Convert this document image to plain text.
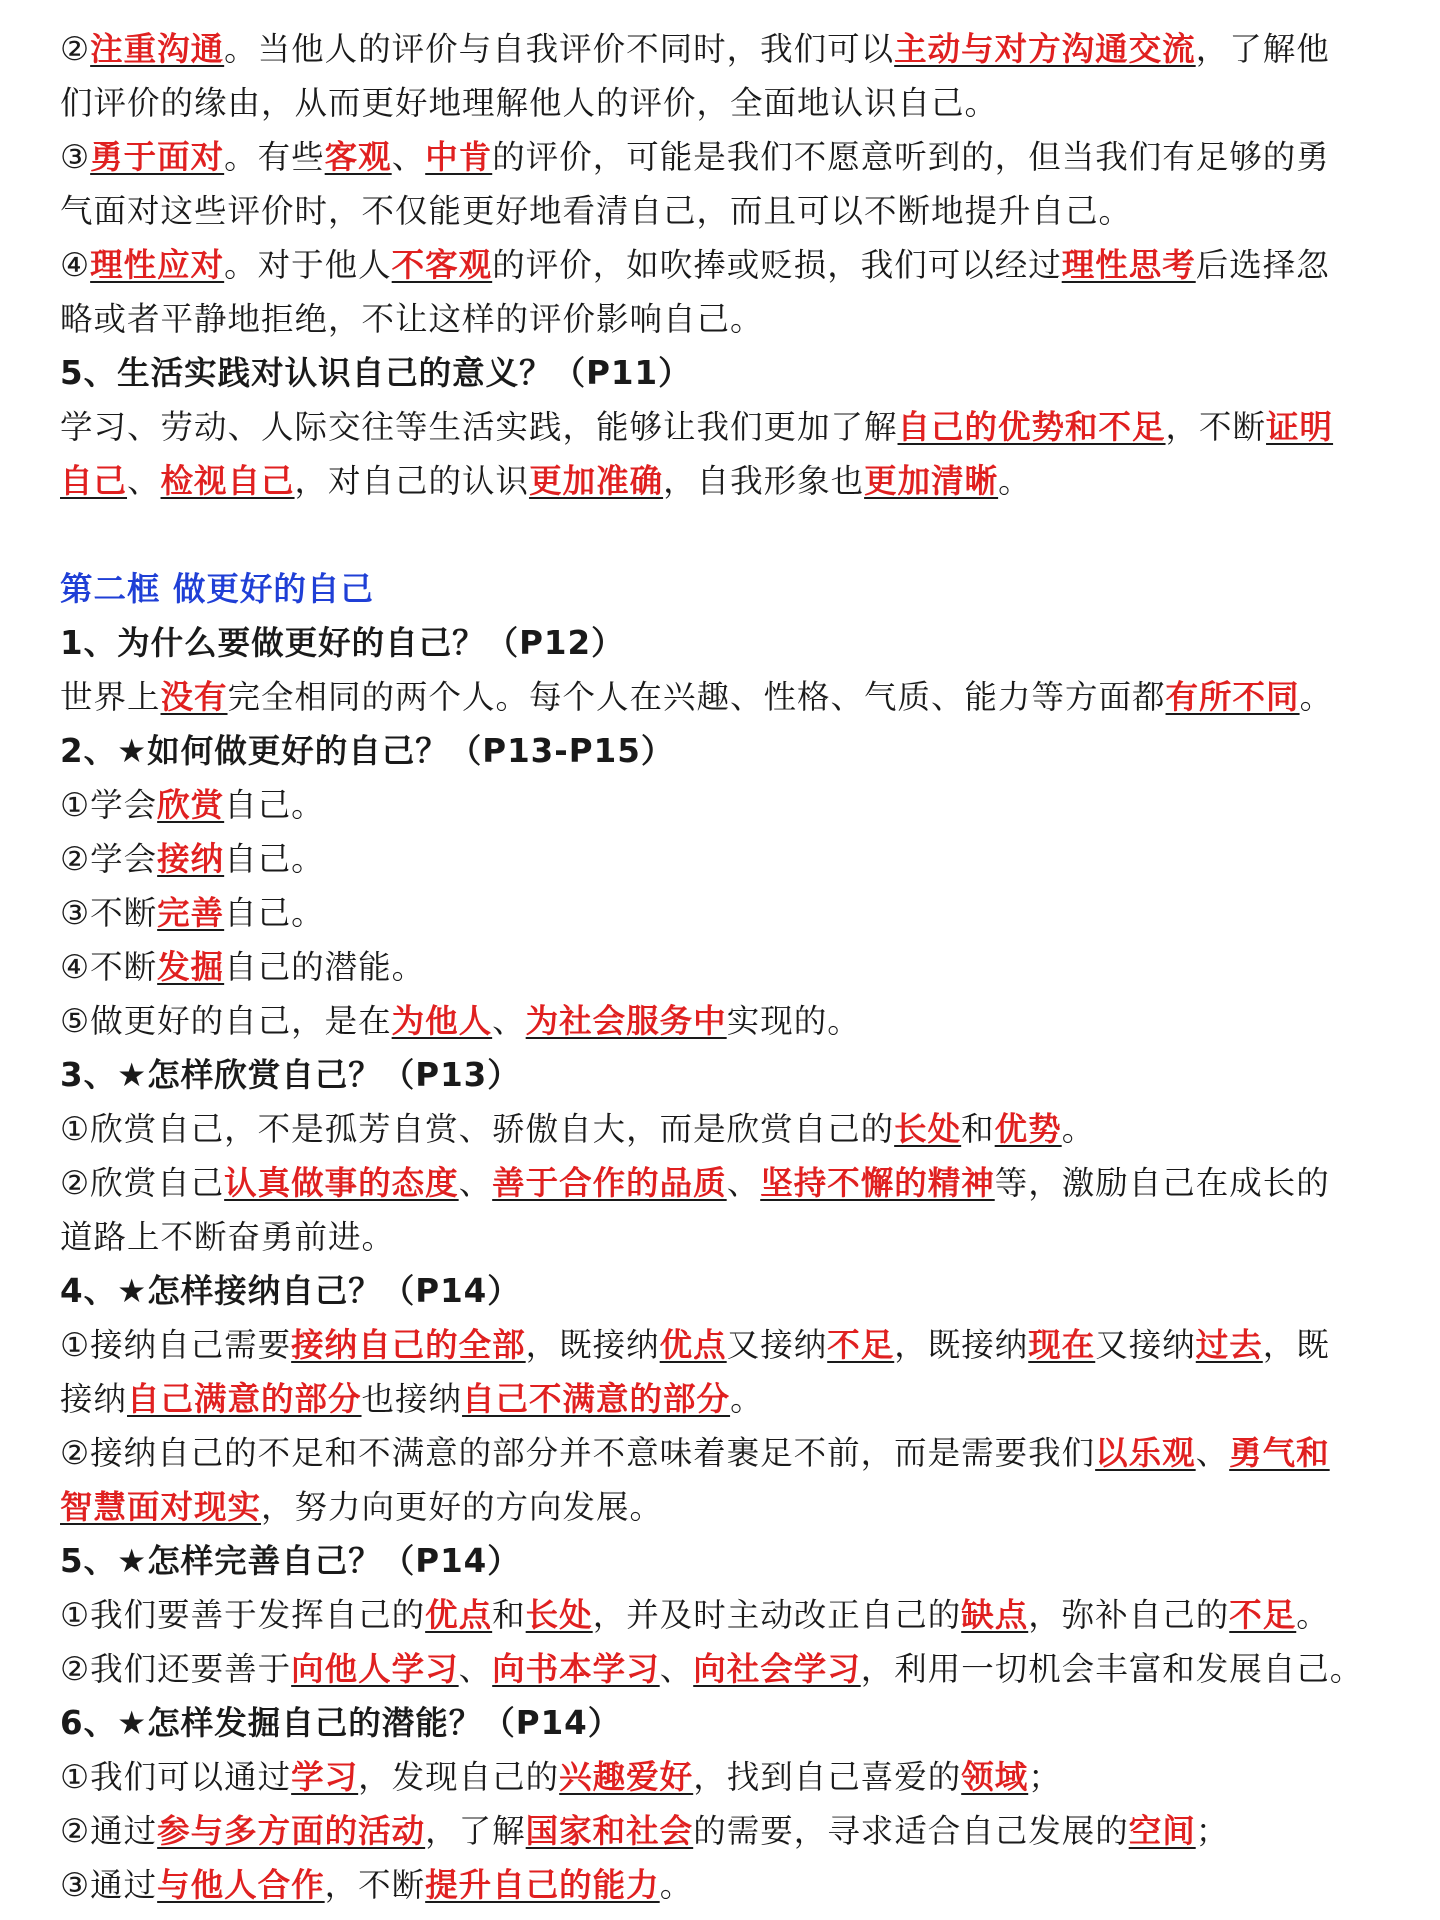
②注重沟通。当他人的评价与自我评价不同时，我们可以主动与对方沟通交流，了解他
们评价的缘由，从而更好地理解他人的评价，全面地认识自己。
③勇于面对。有些客观、中肯的评价，可能是我们不愿意听到的，但当我们有足够的勇
气面对这些评价时，不仅能更好地看清自己，而且可以不断地提升自己。
④理性应对。对于他人不客观的评价，如吹捧或贬损，我们可以经过理性思考后选择忽
略或者平静地拒绝，不让这样的评价影响自己。
5、生活实践对认识自己的意义？（P11）
学习、劳动、人际交往等生活实践，能够让我们更加了解自己的优势和不足，不断证明
自己、检视自己，对自己的认识更加准确，自我形象也更加清晰。
第二框 做更好的自己
1、为什么要做更好的自己？（P12）
世界上没有完全相同的两个人。每个人在兴趣、性格、气质、能力等方面都有所不同。
2、★如何做更好的自己？（P13-P15）
①学会欣赏自己。
②学会接纳自己。
③不断完善自己。
④不断发掘自己的潜能。
⑤做更好的自己，是在为他人、为社会服务中实现的。
3、★怎样欣赏自己？（P13）
①欣赏自己，不是孤芳自赏、骄傲自大，而是欣赏自己的长处和优势。
②欣赏自己认真做事的态度、善于合作的品质、坚持不懈的精神等，激励自己在成长的
道路上不断奋勇前进。
4、★怎样接纳自己？（P14）
①接纳自己需要接纳自己的全部，既接纳优点又接纳不足，既接纳现在又接纳过去，既
接纳自己满意的部分也接纳自己不满意的部分。
②接纳自己的不足和不满意的部分并不意味着裹足不前，而是需要我们以乐观、勇气和
智慧面对现实，努力向更好的方向发展。
5、★怎样完善自己？（P14）
①我们要善于发挥自己的优点和长处，并及时主动改正自己的缺点，弥补自己的不足。
②我们还要善于向他人学习、向书本学习、向社会学习，利用一切机会丰富和发展自己。
6、★怎样发掘自己的潜能？（P14）
①我们可以通过学习，发现自己的兴趣爱好，找到自己喜爱的领域；
②通过参与多方面的活动，了解国家和社会的需要，寻求适合自己发展的空间；
③通过与他人合作，不断提升自己的能力。
